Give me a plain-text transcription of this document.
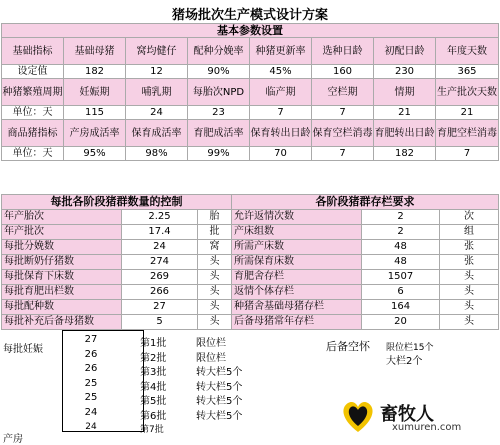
猪场批次生产模式设计方案
基本参数设置							
基础指标	基础母猪	窝均健仔	配种分娩率	种猪更新率	选种日龄	初配日龄	年度天数
设定值	182	12	90%	45%	160	230	365
种猪繁殖周期	妊娠期	哺乳期	每胎次NPD	临产期	空栏期	情期	生产批次天数
单位：天	115	24	23	7	7	21	21
商品猪指标	产房成活率	保育成活率	育肥成活率	保育转出日龄	保育空栏消毒	育肥转出日龄	育肥空栏消毒
单位：天	95%	98%	99%	70	7	182	7
每批各阶段猪群数量的控制			各阶段猪群存栏要求		
年产胎次	2.25	胎	允许返情次数	2	次
年产批次	17.4	批	产床组数	2	组
每批分娩数	24	窝	所需产床数	48	张
每批断奶仔猪数	274	头	所需保育床数	48	张
每批保育下床数	269	头	育肥舍存栏	1507	头
每批育肥出栏数	266	头	返情个体存栏	6	头
每批配种数	27	头	种猪舍基础母猪存栏	164	头
每批补充后备母猪数	5	头	后备母猪常年存栏	20	头
每批妊娠
产房
27	第1批	限位栏
26	第2批	限位栏
26	第3批	转大栏5个
25	第4批	转大栏5个
25	第5批	转大栏5个
24	第6批	转大栏5个
24	第7批
后备空怀 限位栏15个
大栏2个
畜牧人
xumuren.com
